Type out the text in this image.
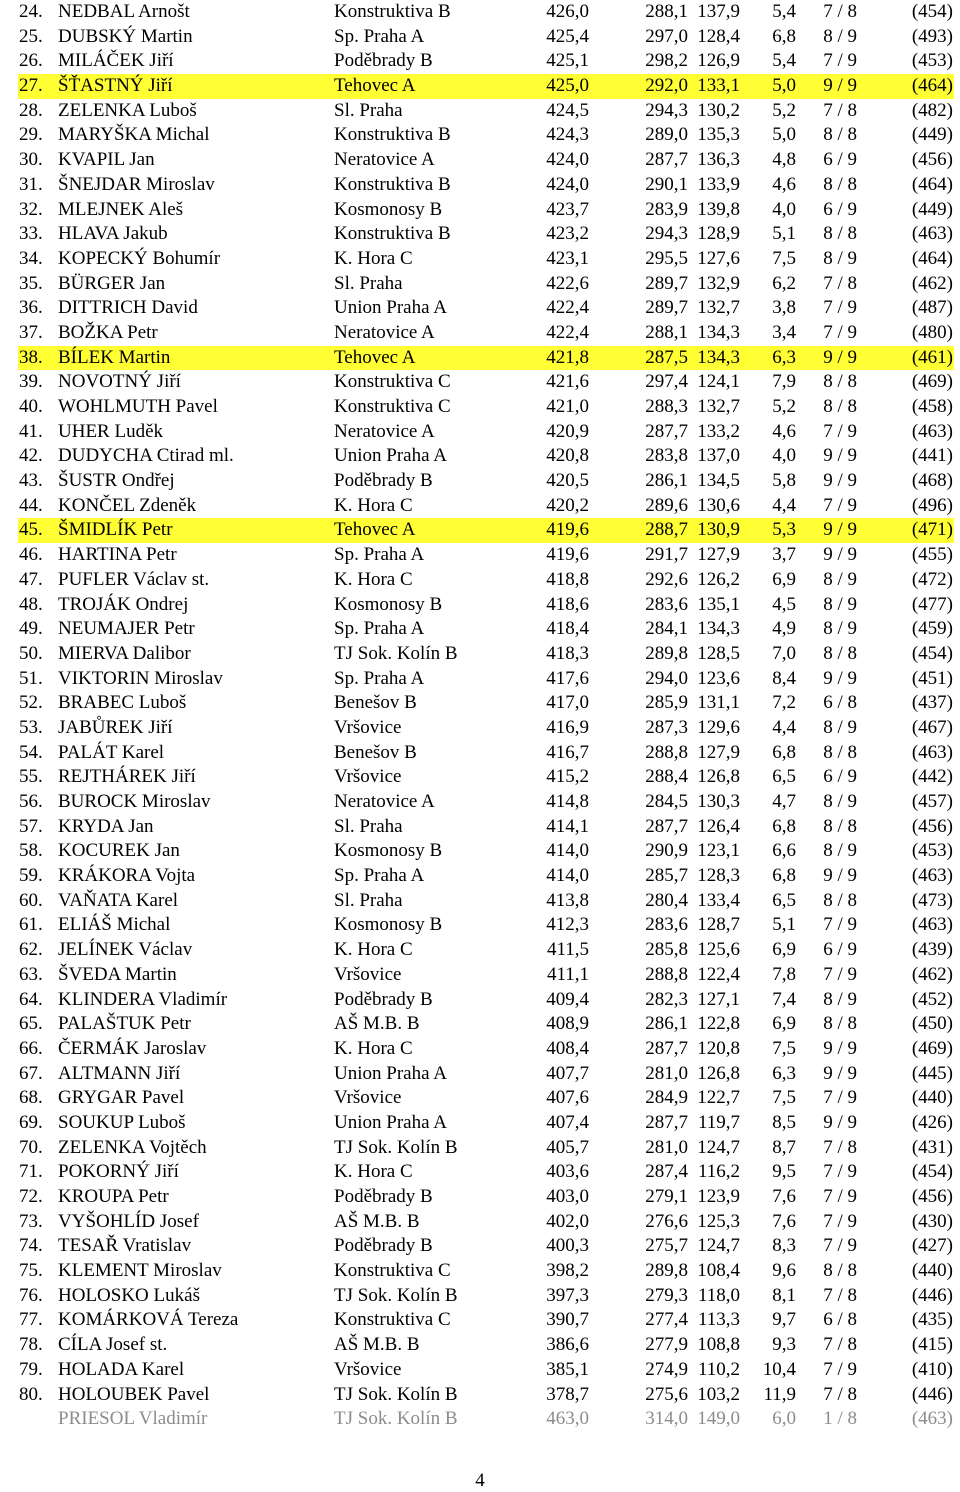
24. NEDBAL Arnošt	Konstruktiva B	426,0	288,1 137,9 5,4 7 / 8	(454)
25. DUBSKÝ Martin	Sp. Praha A	425,4	297,0 128,4 6,8 8 / 9	(493)
26. MILÁČEK Jiří	Poděbrady B	425,1	298,2 126,9 5,4 7 / 9	(453)
27. ŠŤASTNÝ Jiří	Tehovec A	425,0	292,0 133,1 5,0 9 / 9	(464)
28. ZELENKA Luboš	Sl. Praha	424,5	294,3 130,2 5,2 7 / 8	(482)
29. MARYŠKA Michal	Konstruktiva B	424,3	289,0 135,3 5,0 8 / 8	(449)
30. KVAPIL Jan	Neratovice A	424,0	287,7 136,3 4,8 6 / 9	(456)
31. ŠNEJDAR Miroslav	Konstruktiva B	424,0	290,1 133,9 4,6 8 / 8	(464)
32. MLEJNEK Aleš	Kosmonosy B	423,7	283,9 139,8 4,0 6 / 9	(449)
33. HLAVA Jakub	Konstruktiva B	423,2	294,3 128,9 5,1 8 / 8	(463)
34. KOPECKÝ Bohumír	K. Hora C	423,1	295,5 127,6 7,5 8 / 9	(464)
35. BÜRGER Jan	Sl. Praha	422,6	289,7 132,9 6,2 7 / 8	(462)
36. DITTRICH David	Union Praha A	422,4	289,7 132,7 3,8 7 / 9	(487)
37. BOŽKA Petr	Neratovice A	422,4	288,1 134,3 3,4 7 / 9	(480)
38. BÍLEK Martin	Tehovec A	421,8	287,5 134,3 6,3 9 / 9	(461)
39. NOVOTNÝ Jiří	Konstruktiva C	421,6	297,4 124,1 7,9 8 / 8	(469)
40. WOHLMUTH Pavel	Konstruktiva C	421,0	288,3 132,7 5,2 8 / 8	(458)
41. UHER Luděk	Neratovice A	420,9	287,7 133,2 4,6 7 / 9	(463)
42. DUDYCHA Ctirad ml.	Union Praha A	420,8	283,8 137,0 4,0 9 / 9	(441)
43. ŠUSTR Ondřej	Poděbrady B	420,5	286,1 134,5 5,8 9 / 9	(468)
44. KONČEL Zdeněk	K. Hora C	420,2	289,6 130,6 4,4 7 / 9	(496)
45. ŠMIDLÍK Petr	Tehovec A	419,6	288,7 130,9 5,3 9 / 9	(471)
46. HARTINA Petr	Sp. Praha A	419,6	291,7 127,9 3,7 9 / 9	(455)
47. PUFLER Václav st.	K. Hora C	418,8	292,6 126,2 6,9 8 / 9	(472)
48. TROJÁK Ondrej	Kosmonosy B	418,6	283,6 135,1 4,5 8 / 9	(477)
49. NEUMAJER Petr	Sp. Praha A	418,4	284,1 134,3 4,9 8 / 9	(459)
50. MIERVA Dalibor	TJ Sok. Kolín B	418,3	289,8 128,5 7,0 8 / 8	(454)
51. VIKTORIN Miroslav	Sp. Praha A	417,6	294,0 123,6 8,4 9 / 9	(451)
52. BRABEC Luboš	Benešov B	417,0	285,9 131,1 7,2 6 / 8	(437)
53. JABŮREK Jiří	Vršovice	416,9	287,3 129,6 4,4 8 / 9	(467)
54. PALÁT Karel	Benešov B	416,7	288,8 127,9 6,8 8 / 8	(463)
55. REJTHÁREK Jiří	Vršovice	415,2	288,4 126,8 6,5 6 / 9	(442)
56. BUROCK Miroslav	Neratovice A	414,8	284,5 130,3 4,7 8 / 9	(457)
57. KRYDA Jan	Sl. Praha	414,1	287,7 126,4 6,8 8 / 8	(456)
58. KOCUREK Jan	Kosmonosy B	414,0	290,9 123,1 6,6 8 / 9	(453)
59. KRÁKORA Vojta	Sp. Praha A	414,0	285,7 128,3 6,8 9 / 9	(463)
60. VAŇATA Karel	Sl. Praha	413,8	280,4 133,4 6,5 8 / 8	(473)
61. ELIÁŠ Michal	Kosmonosy B	412,3	283,6 128,7 5,1 7 / 9	(463)
62. JELÍNEK Václav	K. Hora C	411,5	285,8 125,6 6,9 6 / 9	(439)
63. ŠVEDA Martin	Vršovice	411,1	288,8 122,4 7,8 7 / 9	(462)
64. KLINDERA Vladimír	Poděbrady B	409,4	282,3 127,1 7,4 8 / 9	(452)
65. PALAŠTUK Petr	AŠ M.B. B	408,9	286,1 122,8 6,9 8 / 8	(450)
66. ČERMÁK Jaroslav	K. Hora C	408,4	287,7 120,8 7,5 9 / 9	(469)
67. ALTMANN Jiří	Union Praha A	407,7	281,0 126,8 6,3 9 / 9	(445)
68. GRYGAR Pavel	Vršovice	407,6	284,9 122,7 7,5 7 / 9	(440)
69. SOUKUP Luboš	Union Praha A	407,4	287,7 119,7 8,5 9 / 9	(426)
70. ZELENKA Vojtěch	TJ Sok. Kolín B	405,7	281,0 124,7 8,7 7 / 8	(431)
71. POKORNÝ Jiří	K. Hora C	403,6	287,4 116,2 9,5 7 / 9	(454)
72. KROUPA Petr	Poděbrady B	403,0	279,1 123,9 7,6 7 / 9	(456)
73. VYŠOHLÍD Josef	AŠ M.B. B	402,0	276,6 125,3 7,6 7 / 9	(430)
74. TESAŘ Vratislav	Poděbrady B	400,3	275,7 124,7 8,3 7 / 9	(427)
75. KLEMENT Miroslav	Konstruktiva C	398,2	289,8 108,4 9,6 8 / 8	(440)
76. HOLOSKO Lukáš	TJ Sok. Kolín B	397,3	279,3 118,0 8,1 7 / 8	(446)
77. KOMÁRKOVÁ Tereza	Konstruktiva C	390,7	277,4 113,3 9,7 6 / 8	(435)
78. CÍLA Josef st.	AŠ M.B. B	386,6	277,9 108,8 9,3 7 / 8	(415)
79. HOLADA Karel	Vršovice	385,1	274,9 110,2 10,4 7 / 9	(410)
80. HOLOUBEK Pavel	TJ Sok. Kolín B	378,7	275,6 103,2 11,9 7 / 8	(446)
PRIESOL Vladimír	TJ Sok. Kolín B	463,0	314,0 149,0 6,0 1 / 8	(463)
4
